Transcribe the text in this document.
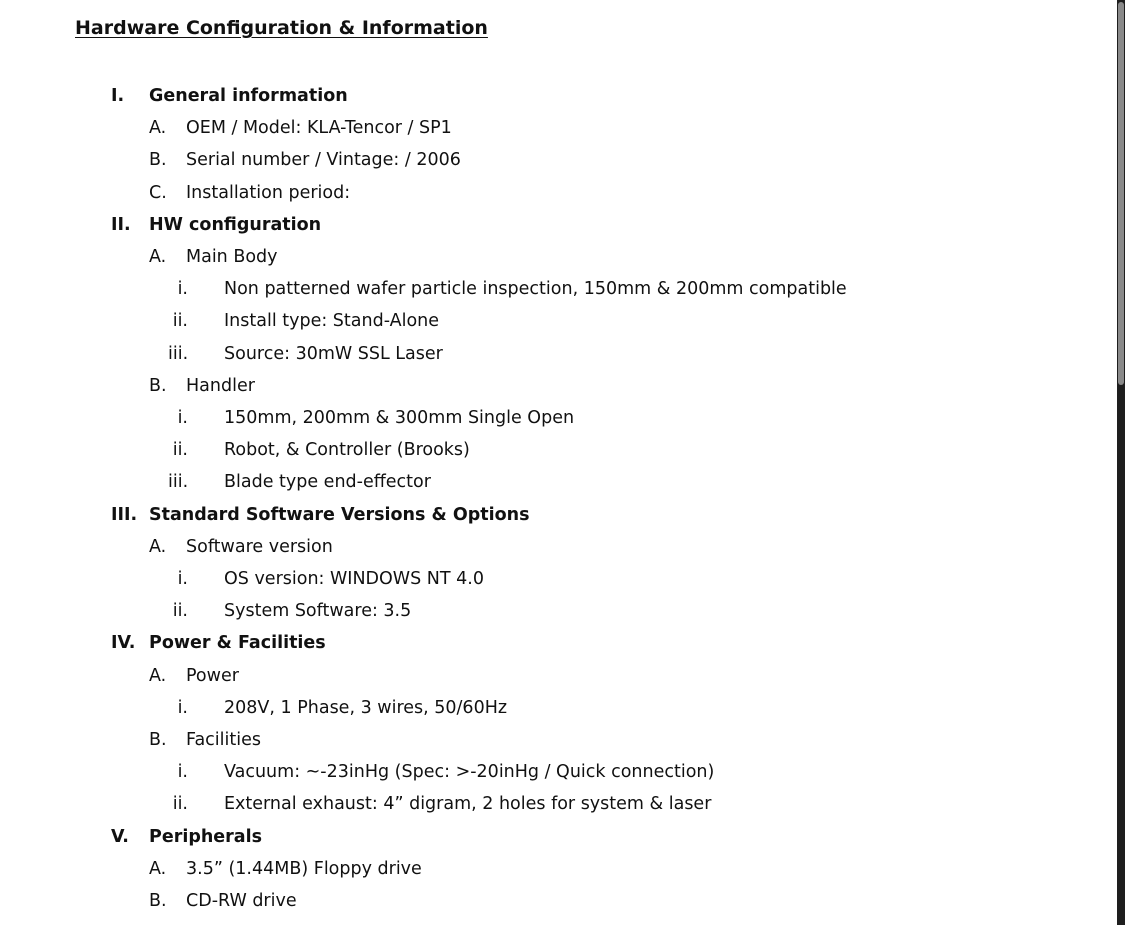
Hardware Configuration & Information
I. General information
A. OEM / Model: KLA-Tencor / SP1
B. Serial number / Vintage: / 2006
C. Installation period:
II. HW configuration
A. Main Body
i. Non patterned wafer particle inspection, 150mm & 200mm compatible
ii. Install type: Stand-Alone
iii. Source: 30mW SSL Laser
B. Handler
i. 150mm, 200mm & 300mm Single Open
ii. Robot, & Controller (Brooks)
iii. Blade type end-effector
III. Standard Software Versions & Options
A. Software version
i. OS version: WINDOWS NT 4.0
ii. System Software: 3.5
IV. Power & Facilities
A. Power
i. 208V, 1 Phase, 3 wires, 50/60Hz
B. Facilities
i. Vacuum: ~-23inHg (Spec: >-20inHg / Quick connection)
ii. External exhaust: 4” digram, 2 holes for system & laser
V. Peripherals
A. 3.5” (1.44MB) Floppy drive
B. CD-RW drive
